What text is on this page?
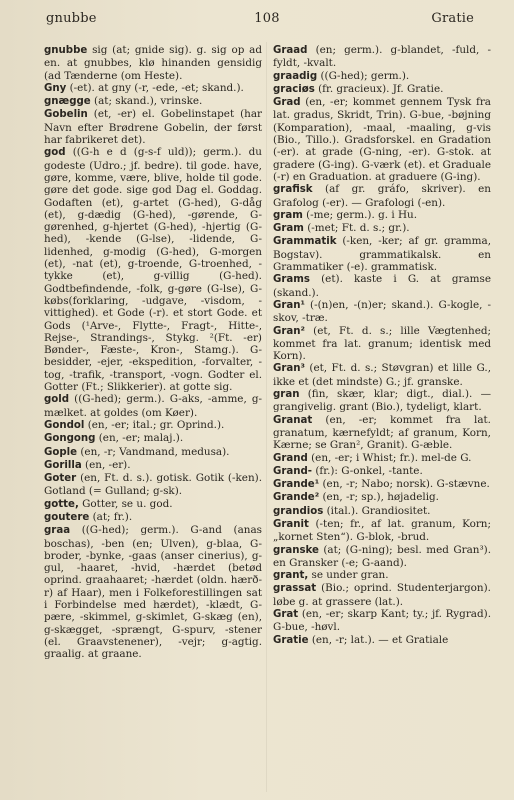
gnubbe	108	Gratie

gnubbe sig (at; gnide sig). g. sig op ad en. at gnubbes, klø hinanden gensidig (ad Tænderne (om Heste).

Gny (-et). at gny (-r, -ede, -et; skand.).

gnægge (at; skand.), vrinske.

Gobelin (et, -er) el. Gobelinstapet (har Navn efter Brødrene Gobelin, der først har fabrikeret det).

god ((G-h e d (g-s-f uld)); germ.). du godeste (Udro.; jf. bedre). til gode. have, gøre, komme, være, blive, holde til gode. gøre det gode. sige god Dag el. Goddag. Godaften (et), g-artet (G-hed), G-dåg (et), g-dædig (G-hed), -gørende, G-gørenhed, g-hjertet (G-hed), -hjertig (G-hed), -kende (G-lse), -lidende, G-lidenhed, g-modig (G-hed), G-morgen (et), -nat (et), g-troende, G-troenhed, -tykke (et), g-villig (G-hed). Godtbefindende, -folk, g-gøre (G-lse), G-købs(forklaring, -udgave, -visdom, -vittighed). et Gode (-r). et stort Gode. et Gods (¹Arve-, Flytte-, Fragt-, Hitte-, Rejse-, Strandings-, Stykg. ²(Ft. -er) Bønder-, Fæste-, Kron-, Stamg.). G-besidder, -ejer, -ekspedition, -forvalter, -tog, -trafik, -transport, -vogn. Godter el. Gotter (Ft.; Slikkerier). at gotte sig.

gold ((G-hed); germ.). G-aks, -amme, g-mælket. at goldes (om Køer).

Gondol (en, -er; ital.; gr. Oprind.).

Gongong (en, -er; malaj.).

Gople (en, -r; Vandmand, medusa).

Gorilla (en, -er).

Goter (en, Ft. d. s.). gotisk. Gotik (-ken). Gotland (= Gulland; g-sk).

gotte, Gotter, se u. god.

goutere (at; fr.).

graa ((G-hed); germ.). G-and (anas boschas), -ben (en; Ulven), g-blaa, G-broder, -bynke, -gaas (anser cinerius), g-gul, -haaret, -hvid, -hærdet (betød oprind. graahaaret; -hærdet (oldn. hærð-r) af Haar), men i Folkeforestillingen sat i Forbindelse med hærdet), -klædt, G-pære, -skimmel, g-skimlet, G-skæg (en), g-skægget, -sprængt, G-spurv, -stener (el. Graavstenener), -vejr; g-agtig. graalig. at graane.

Graad (en; germ.). g-blandet, -fuld, -fyldt, -kvalt.

graadig ((G-hed); germ.).

graciøs (fr. gracieux). Jf. Gratie.

Grad (en, -er; kommet gennem Tysk fra lat. gradus, Skridt, Trin). G-bue, -bøjning (Komparation), -maal, -maaling, g-vis (Bio., Tillo.). Gradsforskel. en Gradation (-er). at grade (G-ning, -er). G-stok. at gradere (G-ing). G-værk (et). et Graduale (-r) en Graduation. at graduere (G-ing).

grafisk (af gr. gráfo, skriver). en Grafolog (-er). — Grafologi (-en).

gram (-me; germ.). g. i Hu.

Gram (-met; Ft. d. s.; gr.).

Grammatik (-ken, -ker; af gr. gramma, Bogstav). grammatikalsk. en Grammatiker (-e). grammatisk.

Grams (et). kaste i G. at gramse (skand.).

Gran¹ (-(n)en, -(n)er; skand.). G-kogle, -skov, -træ.

Gran² (et, Ft. d. s.; lille Vægtenhed; kommet fra lat. granum; identisk med Korn).

Gran³ (et, Ft. d. s.; Støvgran) et lille G., ikke et (det mindste) G.; jf. granske.

gran (fin, skær, klar; digt., dial.). — grangivelig. grant (Bio.), tydeligt, klart.

Granat (en, -er; kommet fra lat. granatum, kærnefyldt; af granum, Korn, Kærne; se Gran², Granit). G-æble.

Grand (en, -er; i Whist; fr.). mel-de G.

Grand- (fr.): G-onkel, -tante.

Grande¹ (en, -r; Nabo; norsk). G-stævne.

Grande² (en, -r; sp.), højadelig.

grandios (ital.). Grandiositet.

Granit (-ten; fr., af lat. granum, Korn; „kornet Sten“). G-blok, -brud.

granske (at; (G-ning); besl. med Gran³). en Gransker (-e; G-aand).

grant, se under gran.

grassat (Bio.; oprind. Studenterjargon). løbe g. at grassere (lat.).

Grat (en, -er; skarp Kant; ty.; jf. Rygrad). G-bue, -høvl.

Gratie (en, -r; lat.). — et Gratiale
